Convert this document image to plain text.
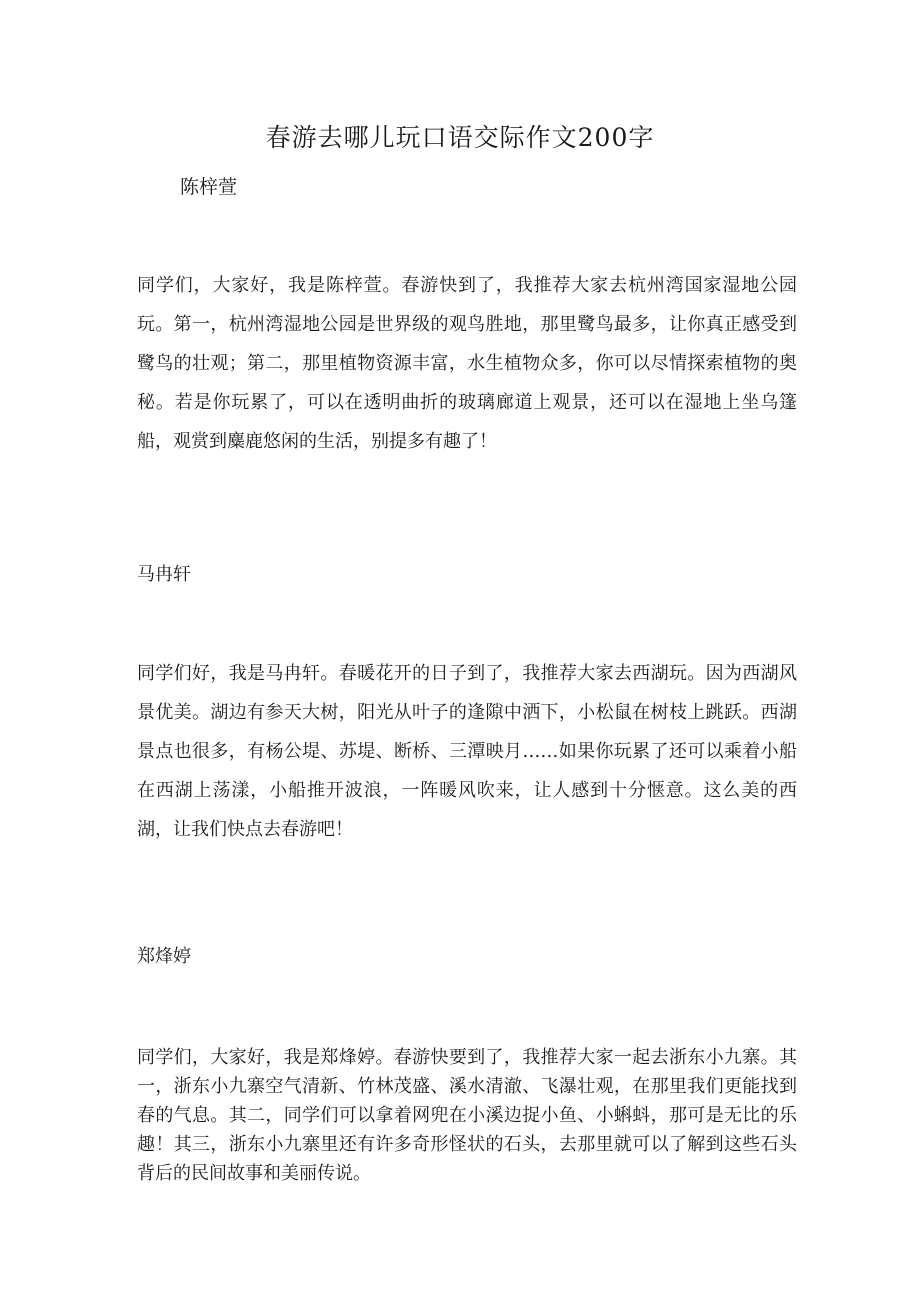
春游去哪儿玩口语交际作文200字

陈梓萱

同学们，大家好，我是陈梓萱。春游快到了，我推荐大家去杭州湾国家湿地公园玩。第一，杭州湾湿地公园是世界级的观鸟胜地，那里鹭鸟最多，让你真正感受到鹭鸟的壮观；第二，那里植物资源丰富，水生植物众多，你可以尽情探索植物的奥秘。若是你玩累了，可以在透明曲折的玻璃廊道上观景，还可以在湿地上坐乌篷船，观赏到麋鹿悠闲的生活，别提多有趣了！

马冉轩

同学们好，我是马冉轩。春暖花开的日子到了，我推荐大家去西湖玩。因为西湖风景优美。湖边有参天大树，阳光从叶子的逢隙中洒下，小松鼠在树枝上跳跃。西湖景点也很多，有杨公堤、苏堤、断桥、三潭映月……如果你玩累了还可以乘着小船在西湖上荡漾，小船推开波浪，一阵暖风吹来，让人感到十分惬意。这么美的西湖，让我们快点去春游吧！

郑烽婷

同学们，大家好，我是郑烽婷。春游快要到了，我推荐大家一起去浙东小九寨。其一，浙东小九寨空气清新、竹林茂盛、溪水清澈、飞瀑壮观，在那里我们更能找到春的气息。其二，同学们可以拿着网兜在小溪边捉小鱼、小蝌蚪，那可是无比的乐趣！其三，浙东小九寨里还有许多奇形怪状的石头，去那里就可以了解到这些石头背后的民间故事和美丽传说。
